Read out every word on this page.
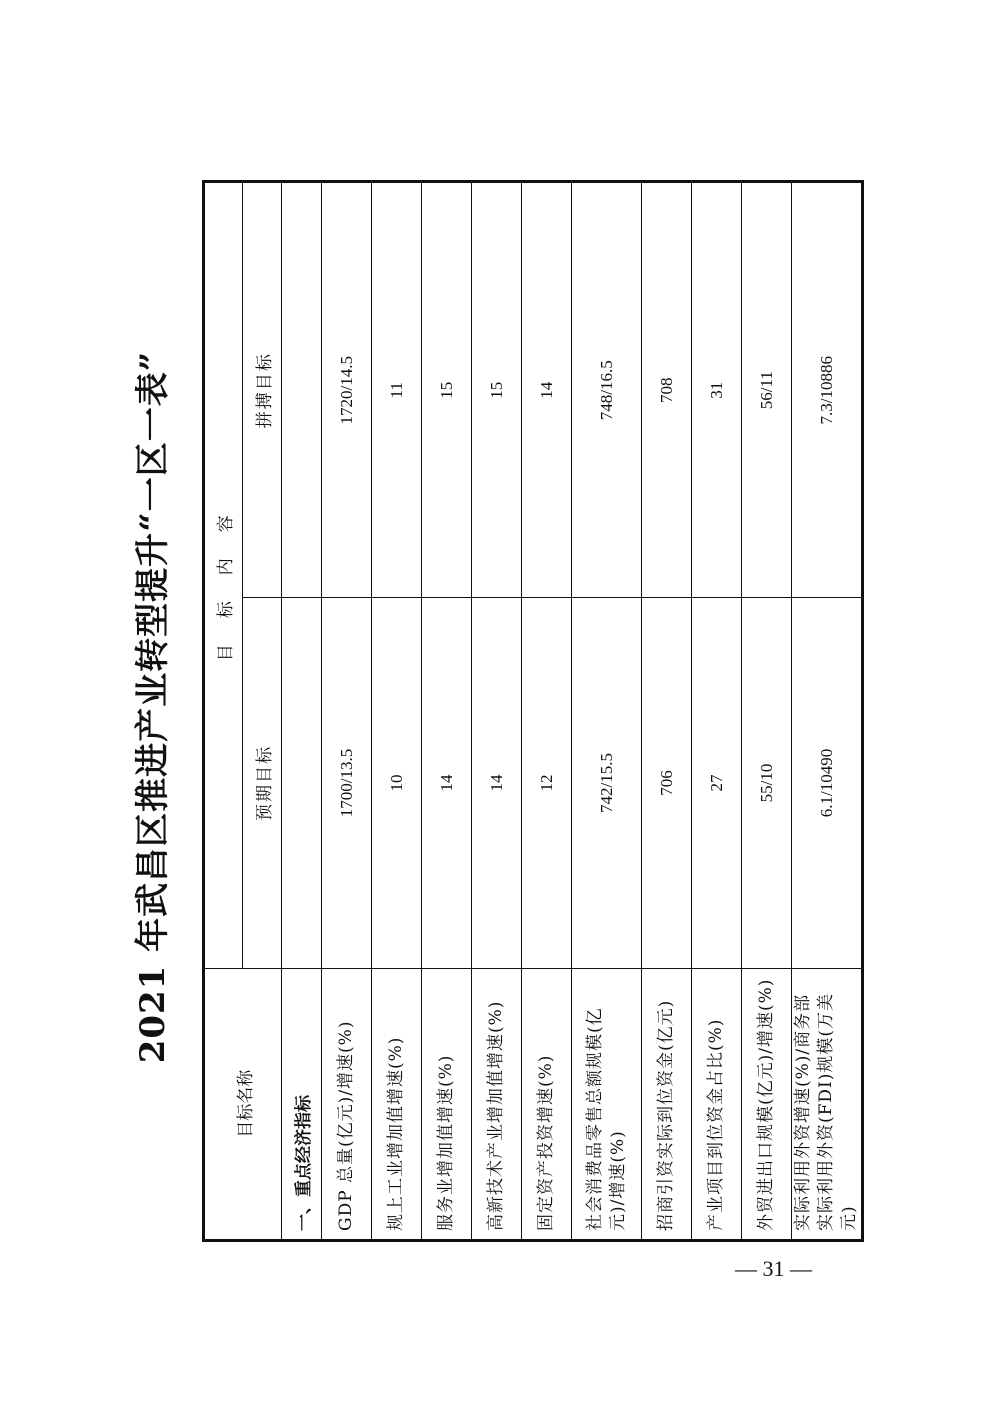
2021 年武昌区推进产业转型提升“一区一表”
目标名称	目标内容	
	预期目标	拼搏目标
一、重点经济指标		
GDP 总量(亿元)/增速(%)	1700/13.5	1720/14.5
规上工业增加值增速(%)	10	11
服务业增加值增速(%)	14	15
高新技术产业增加值增速(%)	14	15
固定资产投资增速(%)	12	14
社会消费品零售总额规模(亿元)/增速(%)	742/15.5	748/16.5
招商引资实际到位资金(亿元)	706	708
产业项目到位资金占比(%)	27	31
外贸进出口规模(亿元)/增速(%)	55/10	56/11
实际利用外资增速(%)/商务部实际利用外资(FDI)规模(万美元)	6.1/10490	7.3/10886
— 31 —
